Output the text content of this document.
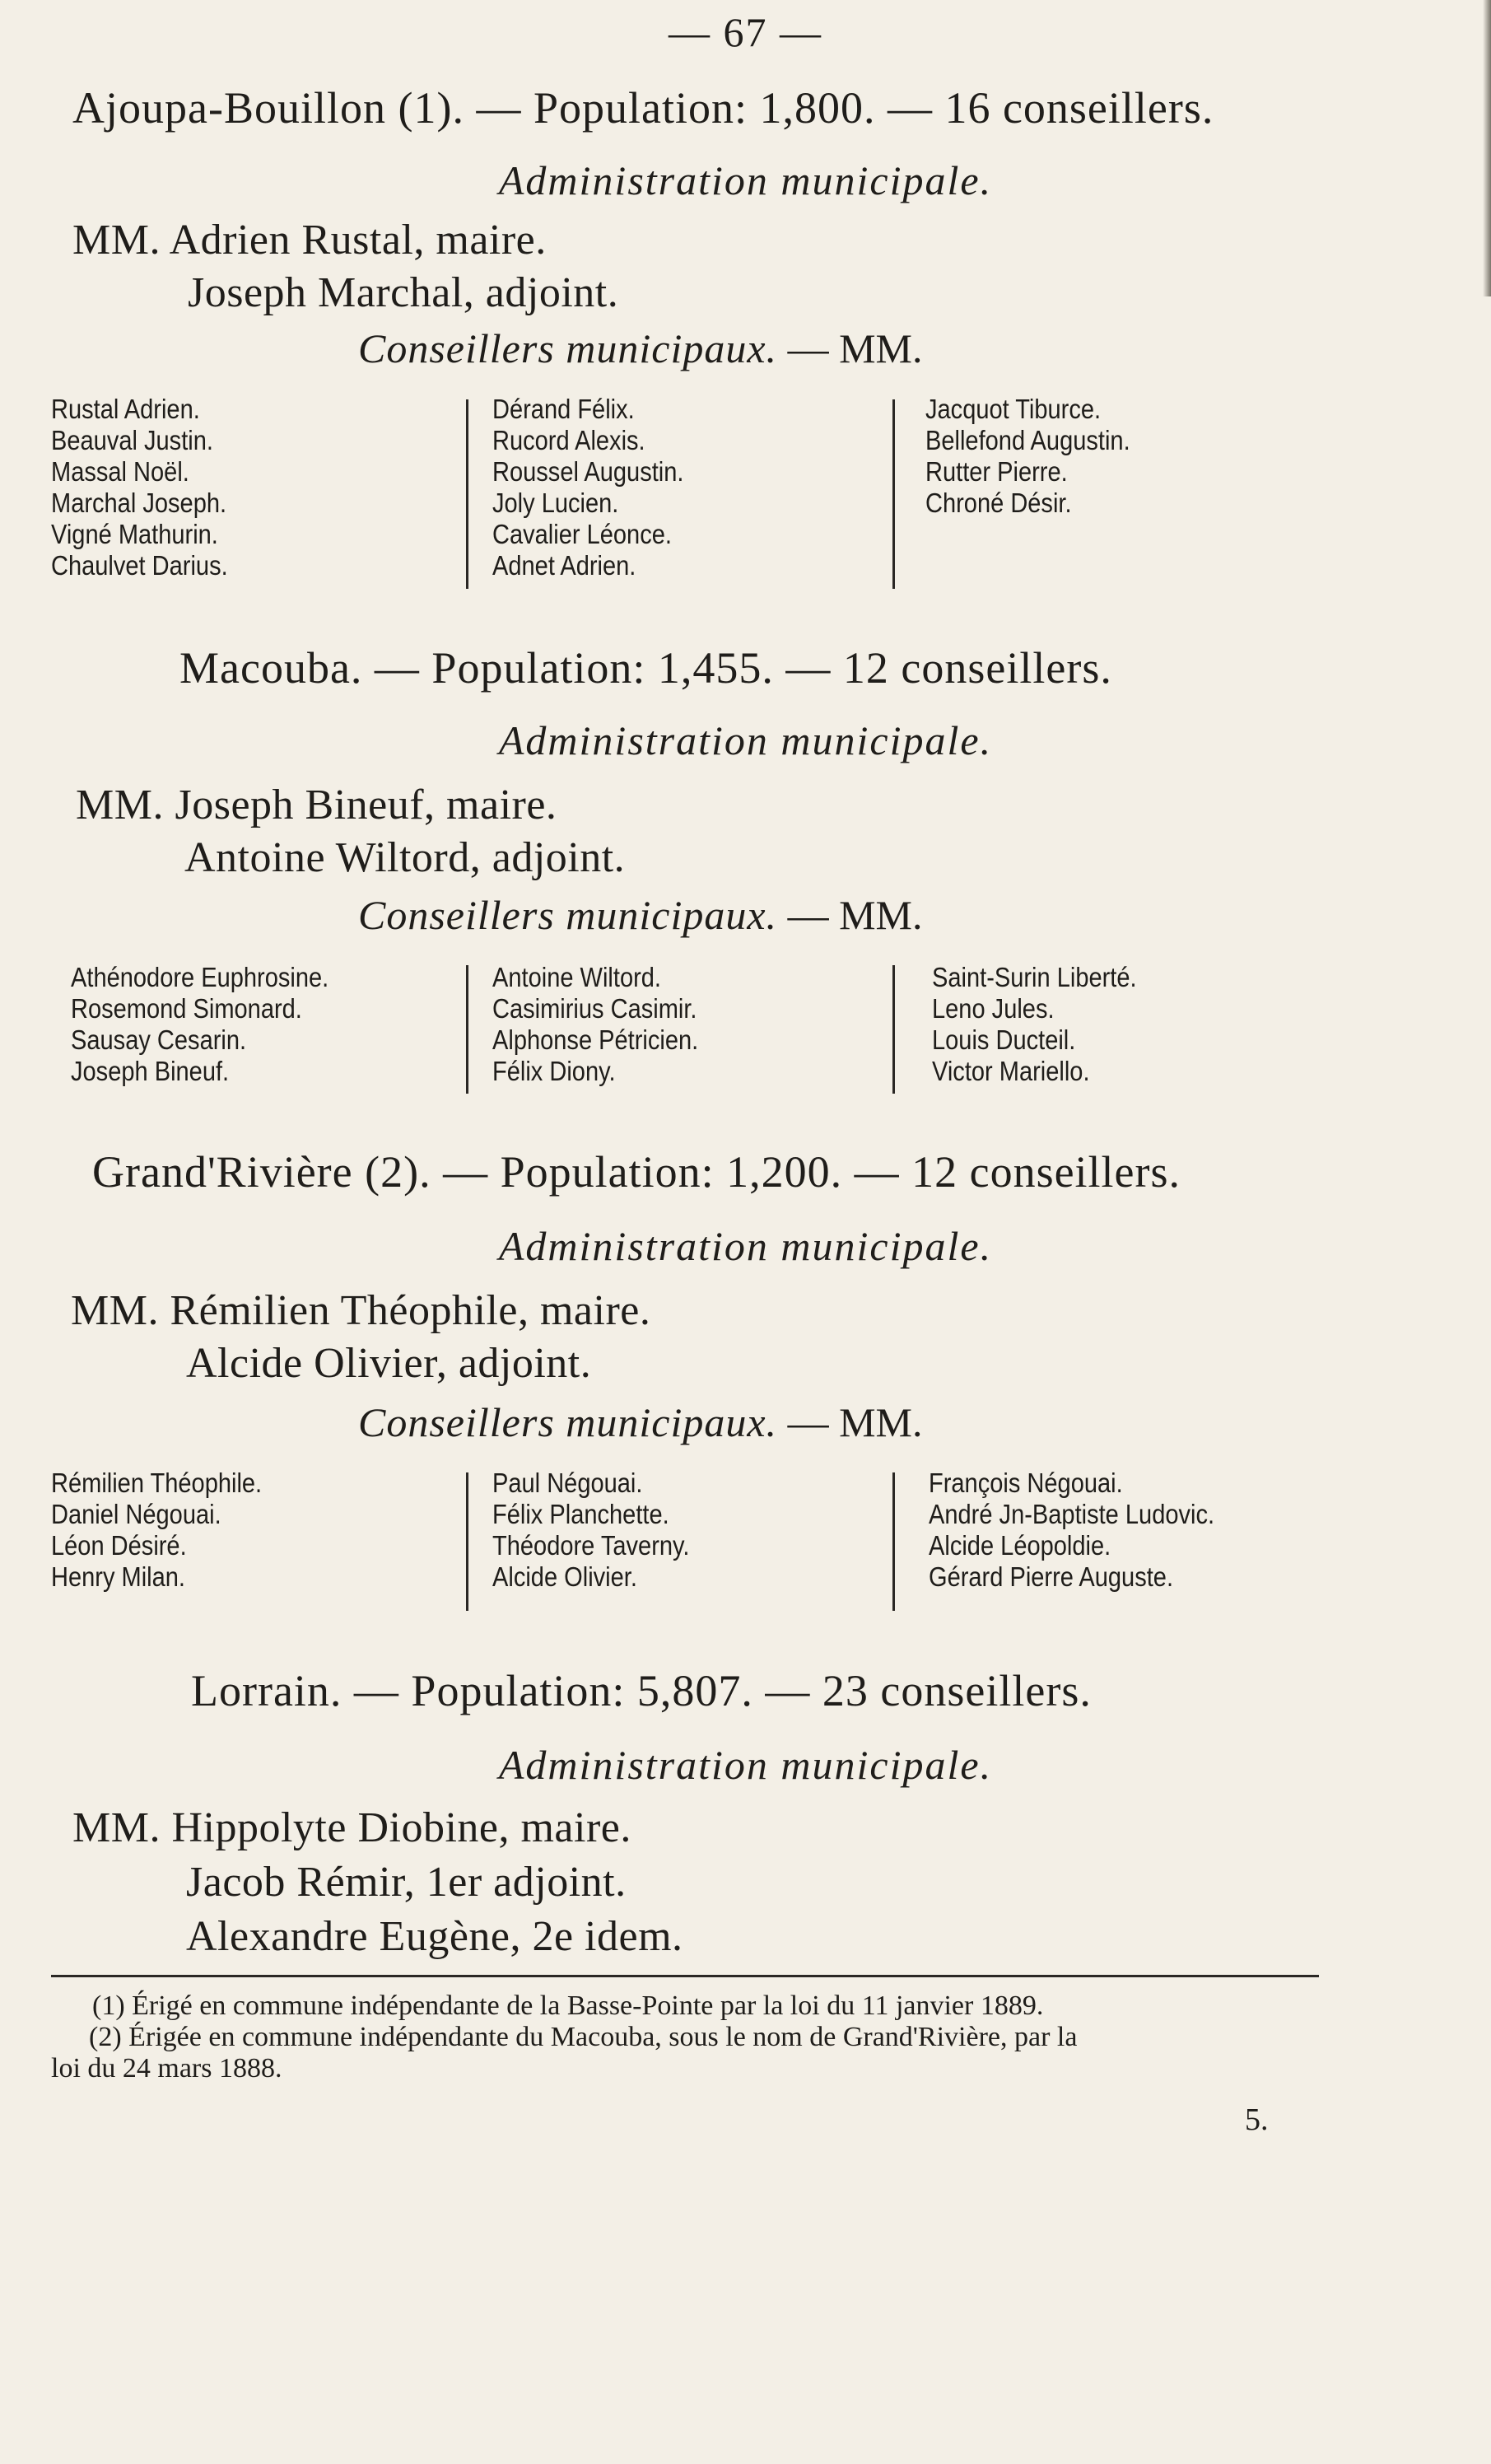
— 67 —
Ajoupa-Bouillon (1). — Population: 1,800. — 16 conseillers.
Administration municipale.
MM. Adrien Rustal, maire.
Joseph Marchal, adjoint.
Conseillers municipaux. — MM.
Rustal Adrien.
Beauval Justin.
Massal Noël.
Marchal Joseph.
Vigné Mathurin.
Chaulvet Darius.
Dérand Félix.
Rucord Alexis.
Roussel Augustin.
Joly Lucien.
Cavalier Léonce.
Adnet Adrien.
Jacquot Tiburce.
Bellefond Augustin.
Rutter Pierre.
Chroné Désir.
Macouba. — Population: 1,455. — 12 conseillers.
Administration municipale.
MM. Joseph Bineuf, maire.
Antoine Wiltord, adjoint.
Conseillers municipaux. — MM.
Athénodore Euphrosine.
Rosemond Simonard.
Sausay Cesarin.
Joseph Bineuf.
Antoine Wiltord.
Casimirius Casimir.
Alphonse Pétricien.
Félix Diony.
Saint-Surin Liberté.
Leno Jules.
Louis Ducteil.
Victor Mariello.
Grand'Rivière (2). — Population: 1,200. — 12 conseillers.
Administration municipale.
MM. Rémilien Théophile, maire.
Alcide Olivier, adjoint.
Conseillers municipaux. — MM.
Rémilien Théophile.
Daniel Négouai.
Léon Désiré.
Henry Milan.
Paul Négouai.
Félix Planchette.
Théodore Taverny.
Alcide Olivier.
François Négouai.
André Jn-Baptiste Ludovic.
Alcide Léopoldie.
Gérard Pierre Auguste.
Lorrain. — Population: 5,807. — 23 conseillers.
Administration municipale.
MM. Hippolyte Diobine, maire.
Jacob Rémir, 1er adjoint.
Alexandre Eugène, 2e idem.
(1) Érigé en commune indépendante de la Basse-Pointe par la loi du 11 janvier 1889.
(2) Érigée en commune indépendante du Macouba, sous le nom de Grand'Rivière, par la
loi du 24 mars 1888.
5.
